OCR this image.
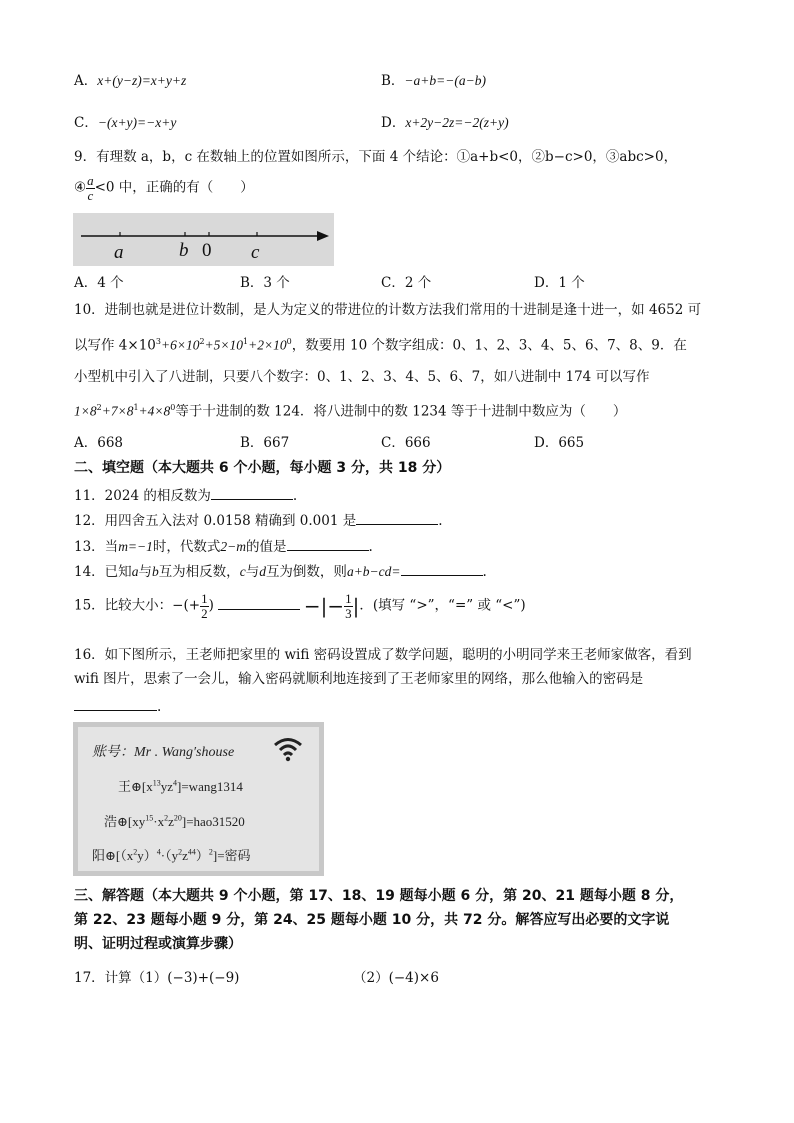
A．x+(y−z)=x+y+z	B．−a+b=−(a−b)
C．−(x+y)=−x+y	D．x+2y−2z=−2(z+y)
9．有理数 a，b，c 在数轴上的位置如图所示，下面 4 个结论：①a+b<0，②b−c>0，③abc>0，
④ $\frac{a}{c} <0$ 中，正确的有（　　）
a	b 0 c
A．4 个	B．3 个	C．2 个	D．1 个
10．进制也就是进位计数制，是人为定义的带进位的计数方法我们常用的十进制是逢十进一，如 4652 可
以写作 $4\times 10^3+6\times 10^2+5\times 10^1+2\times 10^0$，数要用 10 个数字组成：0、1、2、3、4、5、6、7、8、9．在
小型机中引入了八进制，只要八个数字：0、1、2、3、4、5、6、7，如八进制中 174 可以写作
$1\times 8^2+7\times 8^1+4\times 8^0$等于十进制的数 124．将八进制中的数 1234 等于十进制中数应为（　　）
A．668	B．667	C．666	D．665
二、填空题（本大题共 6 个小题，每小题 3 分，共 18 分）
11．2024 的相反数为	.
12．用四舍五入法对 0.0158 精确到 0.001 是	.
13．当m=−1时，代数式2−m的值是	.
14．已知a与b互为相反数，c与d互为倒数，则a+b−cd=	.
15．比较大小：−(+ $\frac{1}{2}$ )	−|− $\frac{1}{3}$ |．(填写 “>”，“=” 或 “<”)
16．如下图所示，王老师把家里的 wifi 密码设置成了数学问题，聪明的小明同学来王老师家做客，看到
wifi 图片，思索了一会儿，输入密码就顺利地连接到了王老师家里的网络，那么他输入的密码是
.
账号：Mr . Wang′shouse
王$\oplus[x^{13}yz^4]=wang1314$
浩$\oplus[xy^{15}\cdot x^2z^{20}]=hao31520$
阳$\oplus[(x^2y)^4\cdot(y^2z^{44})^2]=$密码
三、解答题（本大题共 9 个小题，第 17、18、19 题每小题 6 分，第 20、21 题每小题 8 分，
第 22、23 题每小题 9 分，第 24、25 题每小题 10 分，共 72 分。解答应写出必要的文字说
明、证明过程或演算步骤）
17．计算（1）(−3)+(−9)	（2）(−4)×6
